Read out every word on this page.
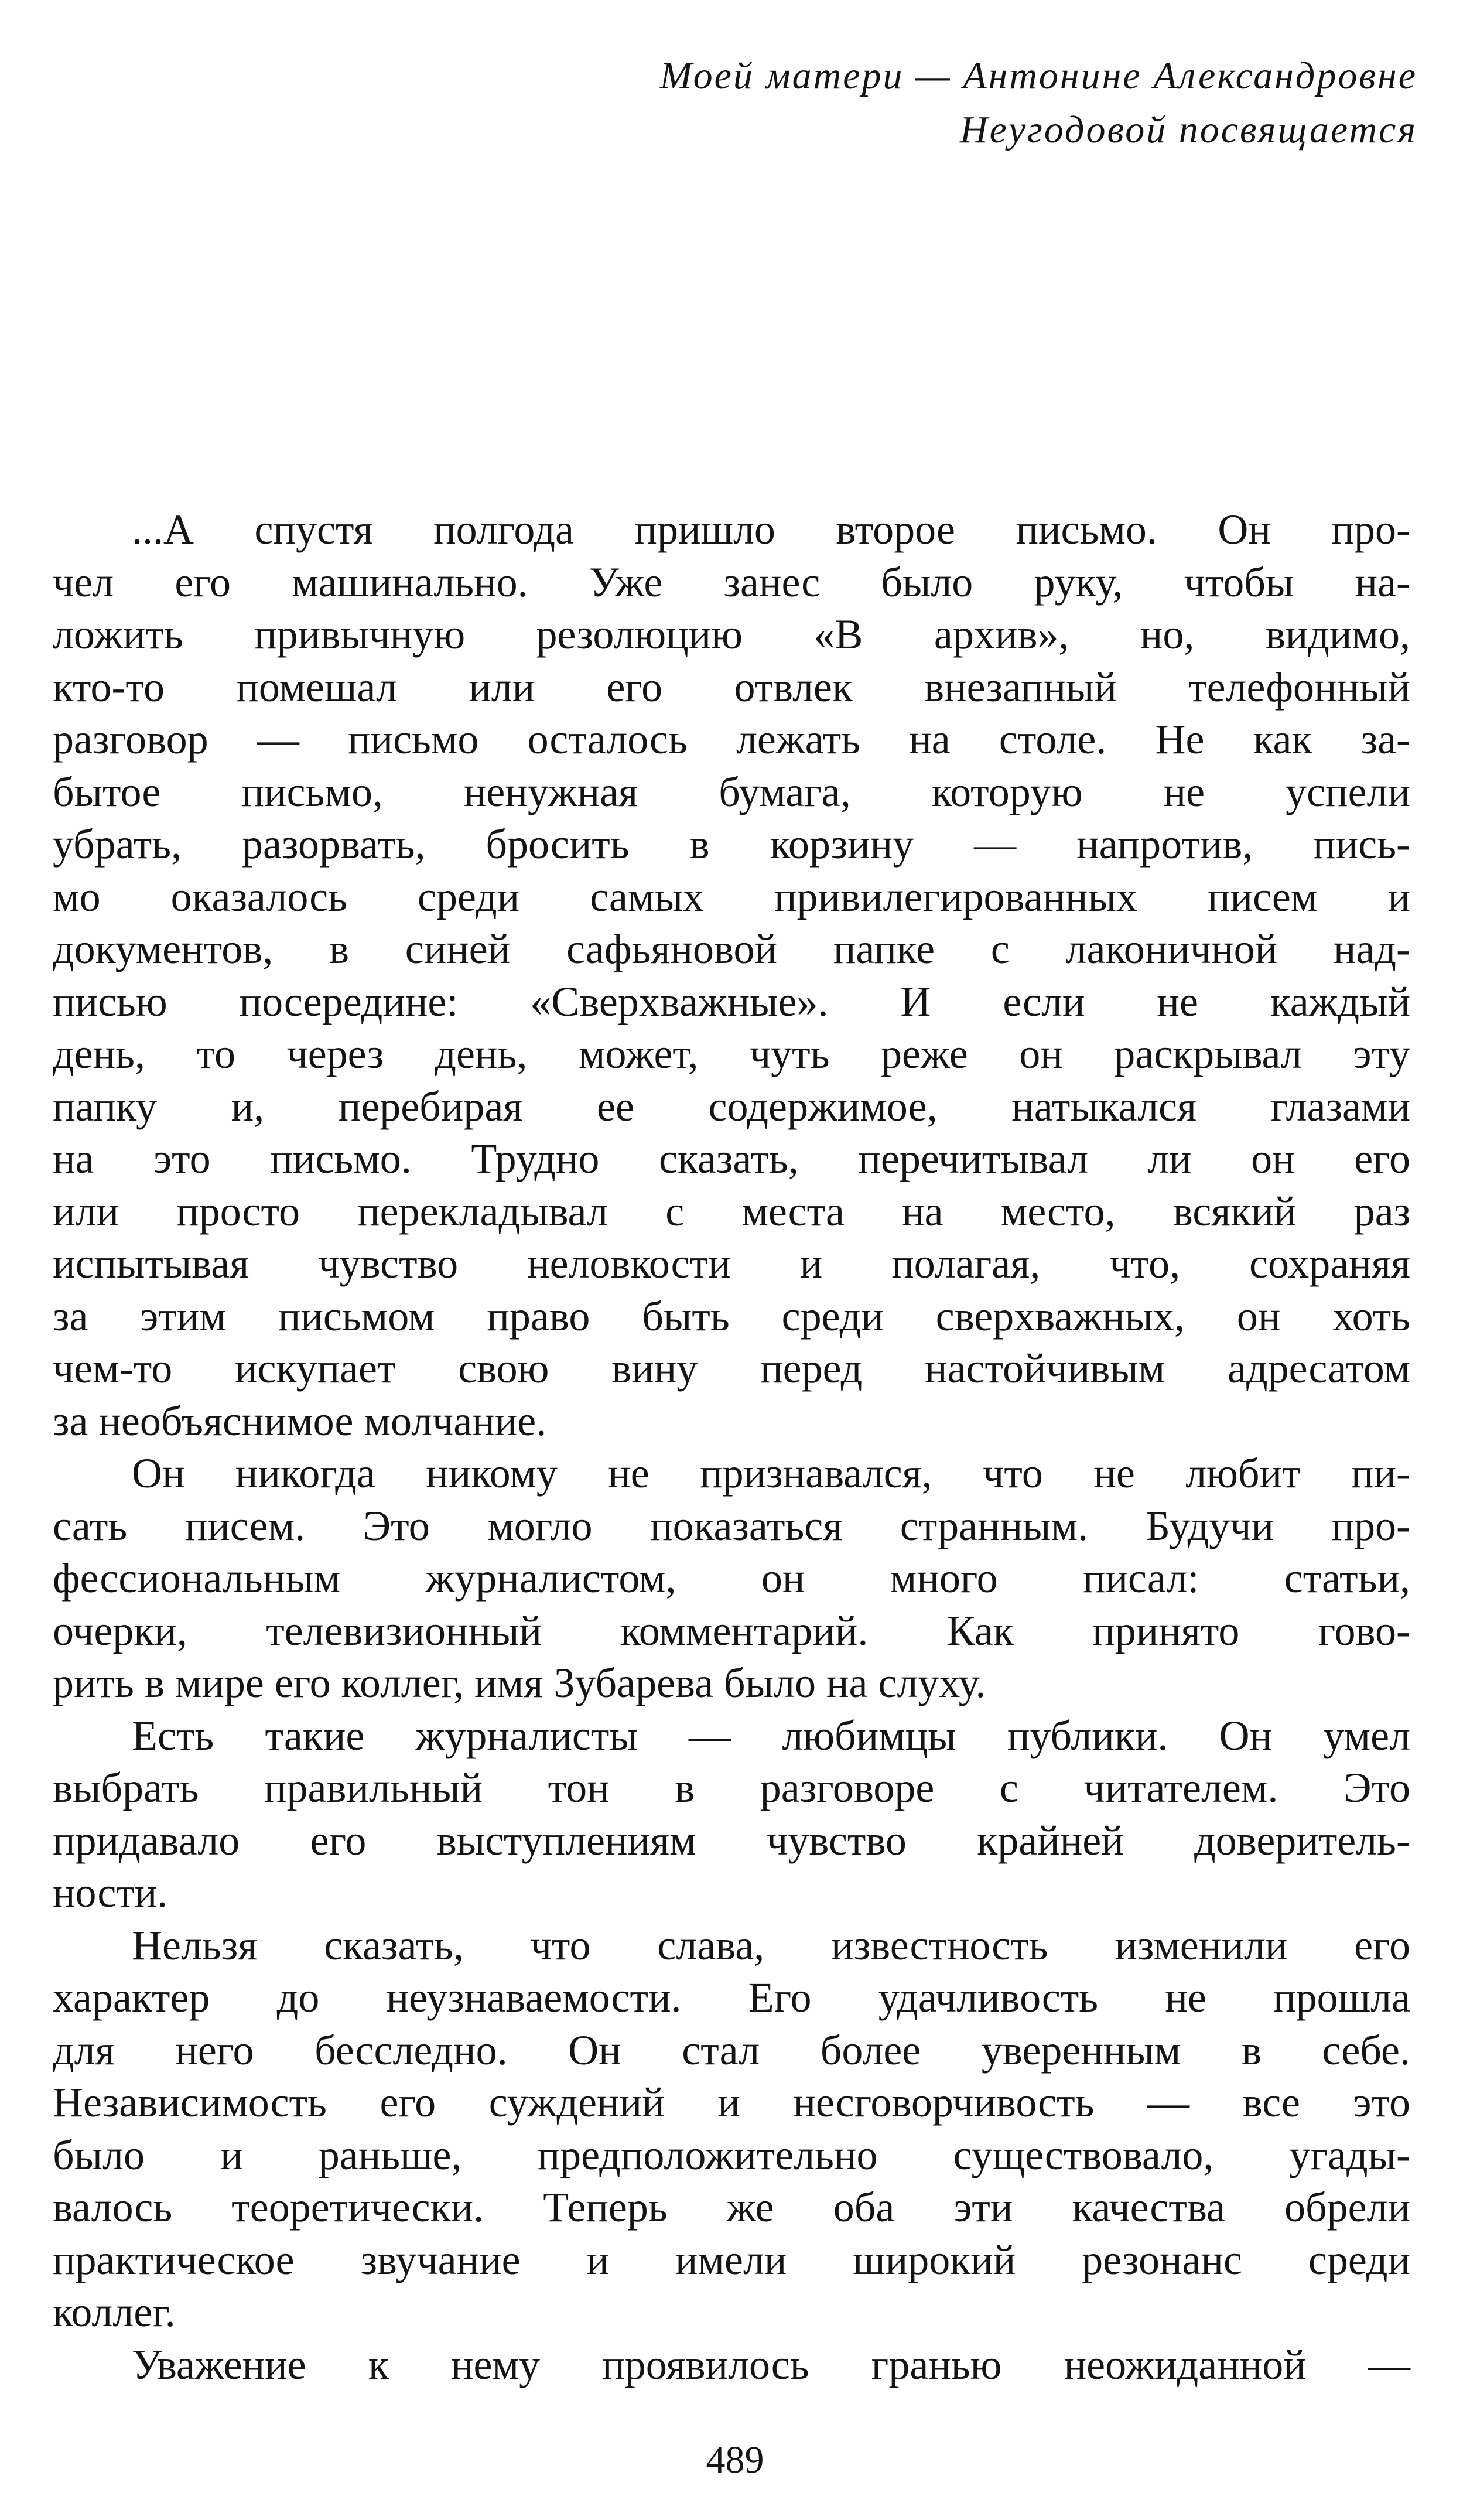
Моей матери — Антонине Александровне
Неугодовой посвящается

...А спустя полгода пришло второе письмо. Он про-
чел его машинально. Уже занес было руку, чтобы на-
ложить привычную резолюцию «В архив», но, видимо,
кто-то помешал или его отвлек внезапный телефонный
разговор — письмо осталось лежать на столе. Не как за-
бытое письмо, ненужная бумага, которую не успели
убрать, разорвать, бросить в корзину — напротив, пись-
мо оказалось среди самых привилегированных писем и
документов, в синей сафьяновой папке с лаконичной над-
писью посередине: «Сверхважные». И если не каждый
день, то через день, может, чуть реже он раскрывал эту
папку и, перебирая ее содержимое, натыкался глазами
на это письмо. Трудно сказать, перечитывал ли он его
или просто перекладывал с места на место, всякий раз
испытывая чувство неловкости и полагая, что, сохраняя
за этим письмом право быть среди сверхважных, он хоть
чем-то искупает свою вину перед настойчивым адресатом
за необъяснимое молчание.

Он никогда никому не признавался, что не любит пи-
сать писем. Это могло показаться странным. Будучи про-
фессиональным журналистом, он много писал: статьи,
очерки, телевизионный комментарий. Как принято гово-
рить в мире его коллег, имя Зубарева было на слуху.

Есть такие журналисты — любимцы публики. Он умел
выбрать правильный тон в разговоре с читателем. Это
придавало его выступлениям чувство крайней доверитель-
ности.

Нельзя сказать, что слава, известность изменили его
характер до неузнаваемости. Его удачливость не прошла
для него бесследно. Он стал более уверенным в себе.
Независимость его суждений и несговорчивость — все это
было и раньше, предположительно существовало, угады-
валось теоретически. Теперь же оба эти качества обрели
практическое звучание и имели широкий резонанс среди
коллег.

Уважение к нему проявилось гранью неожиданной —

489
